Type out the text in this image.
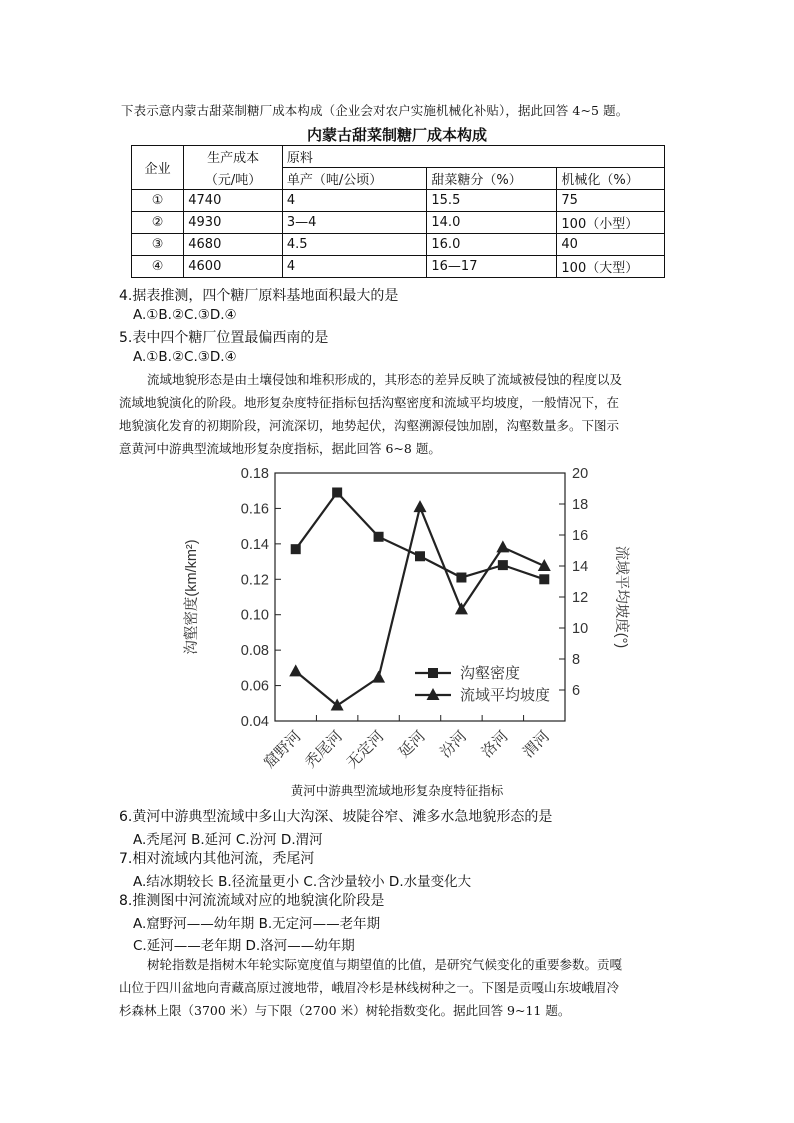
下表示意内蒙古甜菜制糖厂成本构成（企业会对农户实施机械化补贴），据此回答 4~5 题。
内蒙古甜菜制糖厂成本构成
企业	生产成本	原料		
	（元/吨）	单产（吨/公顷）	甜菜糖分（%）	机械化（%）
①	4740	4	15.5	75
②	4930	3—4	14.0	100（小型）
③	4680	4.5	16.0	40
④	4600	4	16—17	100（大型）
4.据表推测，四个糖厂原料基地面积最大的是
A.①B.②C.③D.④
5.表中四个糖厂位置最偏西南的是
A.①B.②C.③D.④
流域地貌形态是由土壤侵蚀和堆积形成的，其形态的差异反映了流域被侵蚀的程度以及
流域地貌演化的阶段。地形复杂度特征指标包括沟壑密度和流域平均坡度，一般情况下，在
地貌演化发育的初期阶段，河流深切，地势起伏，沟壑溯源侵蚀加剧，沟壑数量多。下图示
意黄河中游典型流域地形复杂度指标，据此回答 6~8 题。
0.04
0.06
0.08
0.10
0.12
0.14
0.16
0.18
6
8
10
12
14
16
18
20
窟野河
秃尾河
无定河 延河 汾河 洛河 渭河
沟壑密度(km/km²)	流域平均坡度(°)
沟壑密度
流域平均坡度
黄河中游典型流域地形复杂度特征指标
6.黄河中游典型流域中多山大沟深、坡陡谷窄、滩多水急地貌形态的是
A.秃尾河 B.延河 C.汾河 D.渭河
7.相对流域内其他河流，秃尾河
A.结冰期较长 B.径流量更小 C.含沙量较小 D.水量变化大
8.推测图中河流流域对应的地貌演化阶段是
A.窟野河——幼年期 B.无定河——老年期
C.延河——老年期 D.洛河——幼年期
树轮指数是指树木年轮实际宽度值与期望值的比值，是研究气候变化的重要参数。贡嘎
山位于四川盆地向青藏高原过渡地带，峨眉冷杉是林线树种之一。下图是贡嘎山东坡峨眉冷
杉森林上限（3700 米）与下限（2700 米）树轮指数变化。据此回答 9~11 题。
